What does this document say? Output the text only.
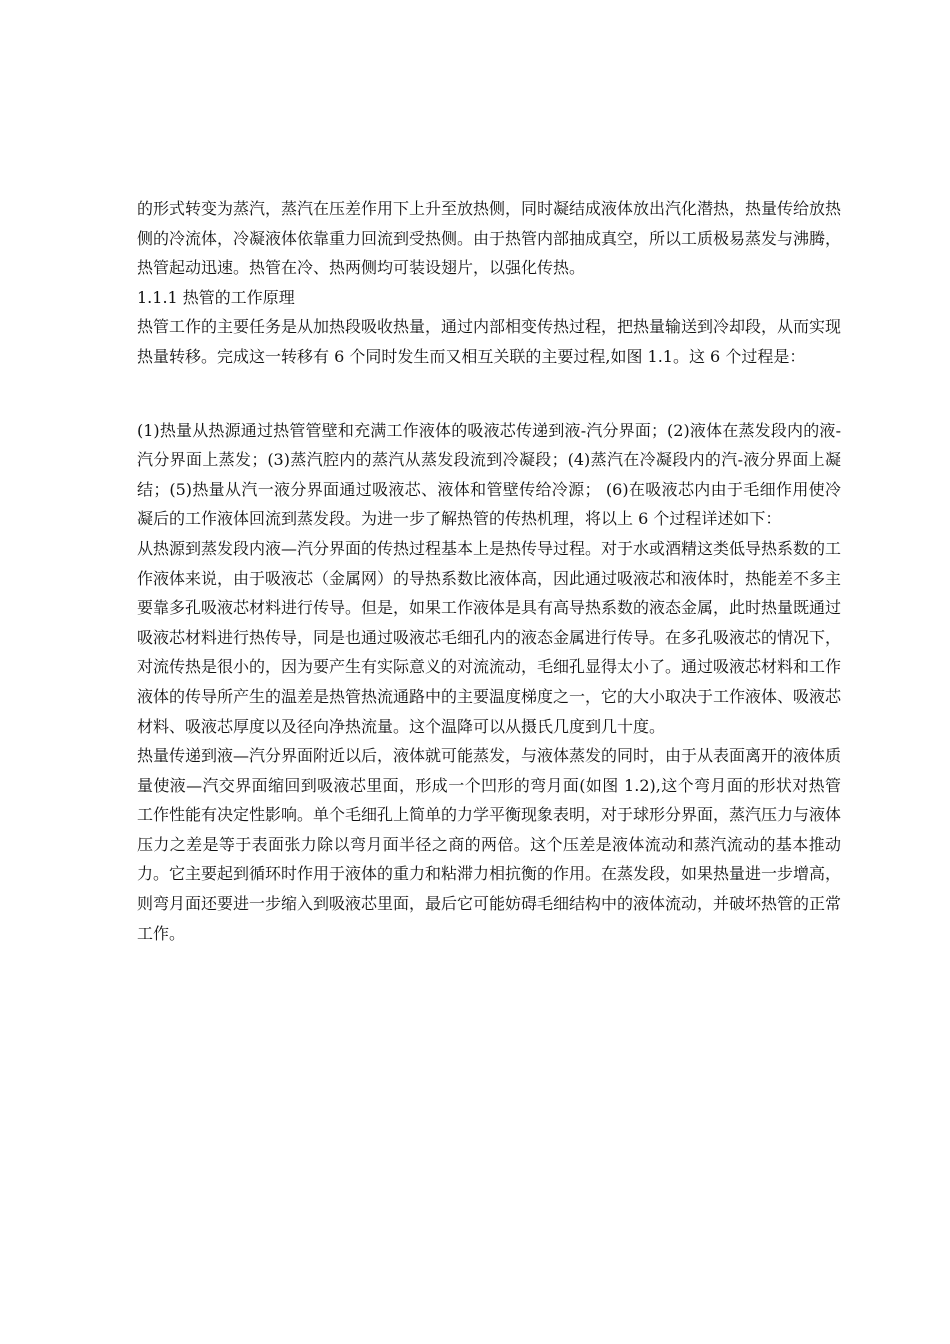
的形式转变为蒸汽，蒸汽在压差作用下上升至放热侧，同时凝结成液体放出汽化潜热，热量传给放热侧的冷流体，冷凝液体依靠重力回流到受热侧。由于热管内部抽成真空，所以工质极易蒸发与沸腾，热管起动迅速。热管在冷、热两侧均可装设翅片，以强化传热。

1.1.1 热管的工作原理

热管工作的主要任务是从加热段吸收热量，通过内部相变传热过程，把热量输送到冷却段，从而实现热量转移。完成这一转移有 6 个同时发生而又相互关联的主要过程,如图 1.1。这 6 个过程是：

(1)热量从热源通过热管管壁和充满工作液体的吸液芯传递到液-汽分界面；(2)液体在蒸发段内的液-汽分界面上蒸发；(3)蒸汽腔内的蒸汽从蒸发段流到冷凝段；(4)蒸汽在冷凝段内的汽-液分界面上凝结；(5)热量从汽一液分界面通过吸液芯、液体和管壁传给冷源； (6)在吸液芯内由于毛细作用使冷凝后的工作液体回流到蒸发段。为进一步了解热管的传热机理，将以上 6 个过程详述如下：

从热源到蒸发段内液—汽分界面的传热过程基本上是热传导过程。对于水或酒精这类低导热系数的工作液体来说，由于吸液芯（金属网）的导热系数比液体高，因此通过吸液芯和液体时，热能差不多主要靠多孔吸液芯材料进行传导。但是，如果工作液体是具有高导热系数的液态金属，此时热量既通过吸液芯材料进行热传导，同是也通过吸液芯毛细孔内的液态金属进行传导。在多孔吸液芯的情况下，对流传热是很小的，因为要产生有实际意义的对流流动，毛细孔显得太小了。通过吸液芯材料和工作液体的传导所产生的温差是热管热流通路中的主要温度梯度之一，它的大小取决于工作液体、吸液芯材料、吸液芯厚度以及径向净热流量。这个温降可以从摄氏几度到几十度。

热量传递到液—汽分界面附近以后，液体就可能蒸发，与液体蒸发的同时，由于从表面离开的液体质量使液—汽交界面缩回到吸液芯里面，形成一个凹形的弯月面(如图 1.2),这个弯月面的形状对热管工作性能有决定性影响。单个毛细孔上简单的力学平衡现象表明，对于球形分界面，蒸汽压力与液体压力之差是等于表面张力除以弯月面半径之商的两倍。这个压差是液体流动和蒸汽流动的基本推动力。它主要起到循环时作用于液体的重力和粘滞力相抗衡的作用。在蒸发段，如果热量进一步增高，则弯月面还要进一步缩入到吸液芯里面，最后它可能妨碍毛细结构中的液体流动，并破坏热管的正常工作。
